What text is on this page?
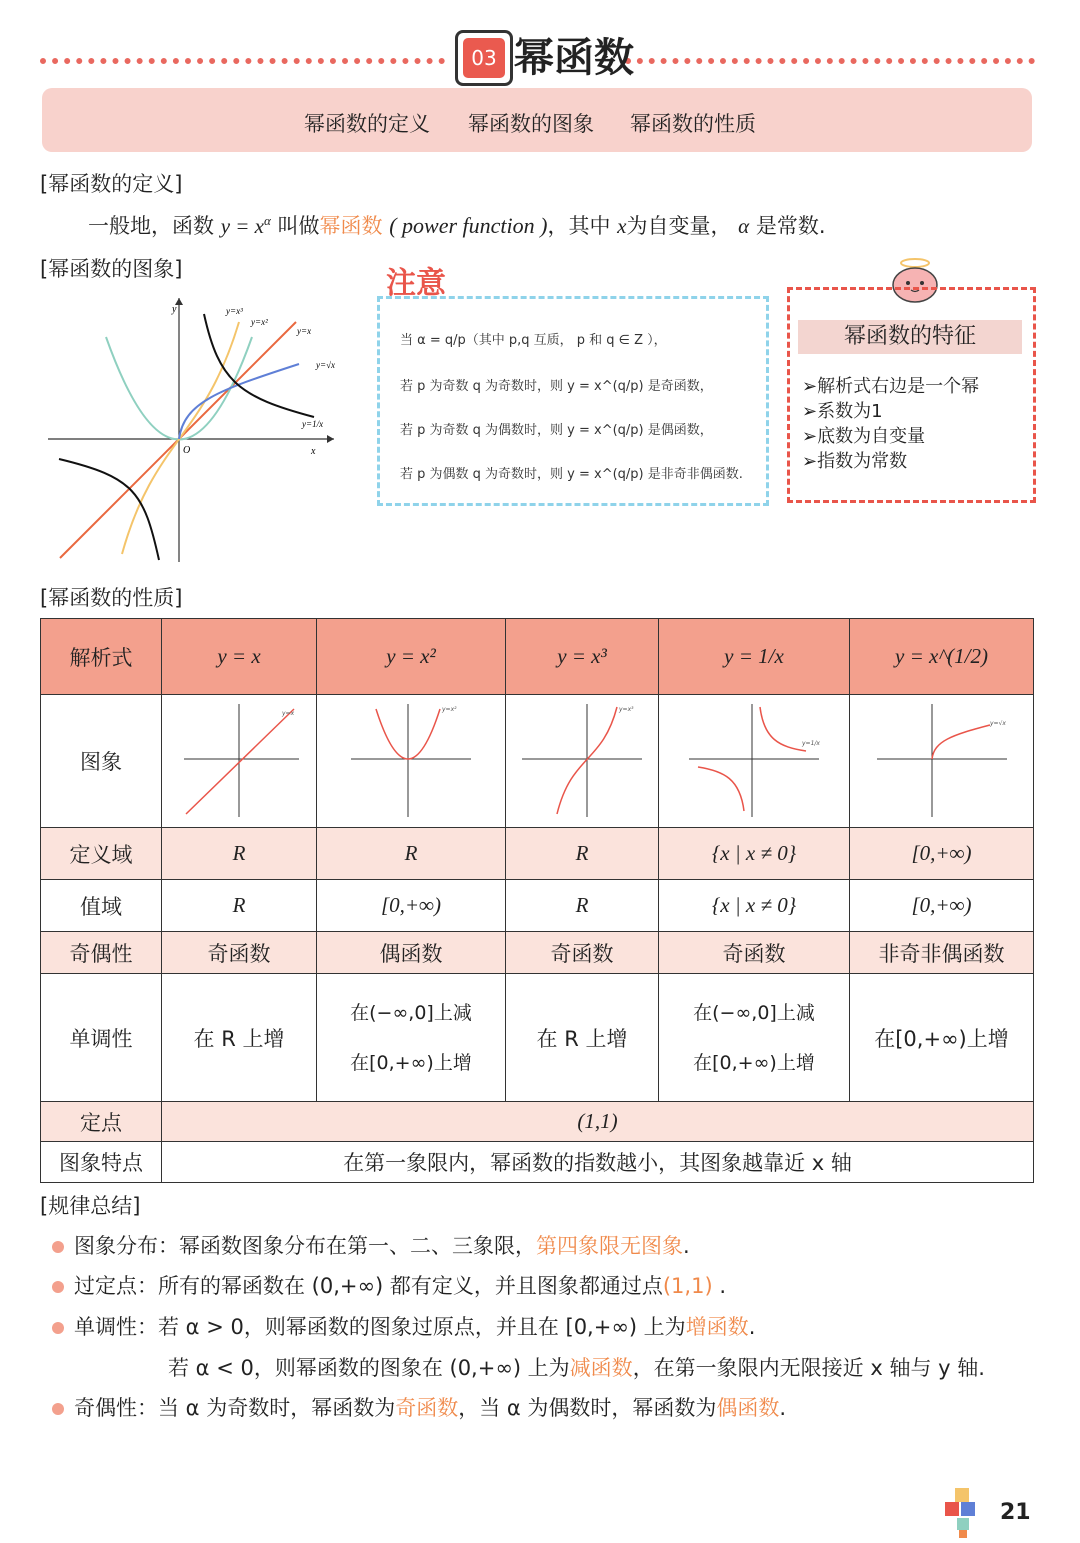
03 幂函数
幂函数的定义 幂函数的图象 幂函数的性质
[幂函数的定义]
一般地，函数 $y = x^\alpha$ 叫做幂函数 ( power function )，其中 x为自变量， α 是常数.
[幂函数的图象]
y
x
O
y=x³
y=x²
y=x
y=√x
y=1/x
注意

当 α = q/p（其中 p,q 互质， p 和 q ∈ Z ），

若 p 为奇数 q 为奇数时，则 y = x^(q/p) 是奇函数，

若 p 为奇数 q 为偶数时，则 y = x^(q/p) 是偶函数，

若 p 为偶数 q 为奇数时，则 y = x^(q/p) 是非奇非偶函数.

幂函数的特征
➢解析式右边是一个幂
➢系数为1
➢底数为自变量
➢指数为常数
[幂函数的性质]
解析式	y = x	y = x²	y = x³	y = 1/x	y = x^(1/2)
图象	y=x	y=x²	y=x³	y=1/x	y=√x

定义域	R	R	R	{x | x ≠ 0}	[0,+∞)
值域	R	[0,+∞)	R	{x | x ≠ 0}	[0,+∞)
奇偶性	奇函数	偶函数	奇函数	奇函数	非奇非偶函数
单调性	在 R 上增	在(−∞,0]上减
在[0,+∞)上增	在 R 上增	在(−∞,0]上减
在[0,+∞)上增	在[0,+∞)上增
定点	(1,1)				
图象特点	在第一象限内，幂函数的指数越小，其图象越靠近 x 轴				
[规律总结]
图象分布：幂函数图象分布在第一、二、三象限，第四象限无图象.
过定点：所有的幂函数在 (0,+∞) 都有定义，并且图象都通过点(1,1) .
单调性：若 α > 0，则幂函数的图象过原点，并且在 [0,+∞) 上为增函数.
若 α < 0，则幂函数的图象在 (0,+∞) 上为减函数，在第一象限内无限接近 x 轴与 y 轴.
奇偶性：当 α 为奇数时，幂函数为奇函数，当 α 为偶数时，幂函数为偶函数.
21
